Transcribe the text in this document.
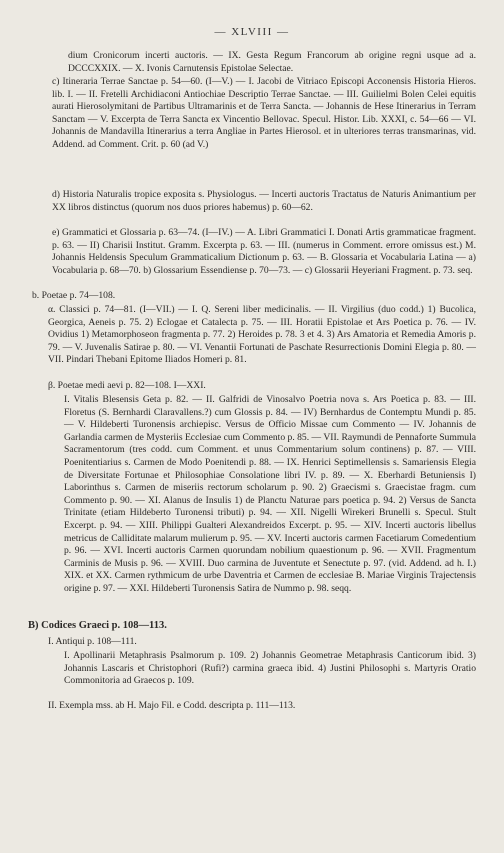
— XLVIII —
dium Cronicorum incerti auctoris. — IX. Gesta Regum Francorum ab origine regni usque ad a. DCCCXXIX. — X. Ivonis Carnutensis Epistolae Selectae.
c) Itineraria Terrae Sanctae p. 54—60. (I—V.) — I. Jacobi de Vitriaco Episcopi Acconensis Historia Hieros. lib. I. — II. Fretelli Archidiaconi Antiochiae Descriptio Terrae Sanctae. — III. Guilielmi Bolen Celei equitis aurati Hierosolymitani de Partibus Ultramarinis et de Terra Sancta. — Johannis de Hese Itinerarius in Terram Sanctam — V. Excerpta de Terra Sancta ex Vincentio Bellovac. Specul. Histor. Lib. XXXI, c. 54—66 — VI. Johannis de Mandavilla Itinerarius a terra Angliae in Partes Hierosol. et in ulteriores terras transmarinas, vid. Addend. ad Comment. Crit. p. 60 (ad V.)
d) Historia Naturalis tropice exposita s. Physiologus. — Incerti auctoris Tractatus de Naturis Animantium per XX libros distinctus (quorum nos duos priores habemus) p. 60—62.
e) Grammatici et Glossaria p. 63—74. (I—IV.) — A. Libri Grammatici I. Donati Artis grammaticae fragment. p. 63. — II) Charisii Institut. Gramm. Excerpta p. 63. — III. (numerus in Comment. errore omissus est.) M. Johannis Heldensis Speculum Grammaticalium Dictionum p. 63. — B. Glossaria et Vocabularia Latina — a) Vocabularia p. 68—70. b) Glossarium Essendiense p. 70—73. — c) Glossarii Heyeriani Fragment. p. 73. seq.
b. Poetae p. 74—108.
α. Classici p. 74—81. (I—VII.) — I. Q. Sereni liber medicinalis. — II. Virgilius (duo codd.) 1) Bucolica, Georgica, Aeneis p. 75. 2) Eclogae et Catalecta p. 75. — III. Horatii Epistolae et Ars Poetica p. 76. — IV. Ovidius 1) Metamorphoseon fragmenta p. 77. 2) Heroides p. 78. 3 et 4. 3) Ars Amatoria et Remedia Amoris p. 79. — V. Juvenalis Satirae p. 80. — VI. Venantii Fortunati de Paschate Resurrectionis Domini Elegia p. 80. — VII. Pindari Thebani Epitome Iliados Homeri p. 81.
β. Poetae medi aevi p. 82—108. I—XXI.
I. Vitalis Blesensis Geta p. 82. — II. Galfridi de Vinosalvo Poetria nova s. Ars Poetica p. 83. — III. Floretus (S. Bernhardi Claravallens.?) cum Glossis p. 84. — IV) Bernhardus de Contemptu Mundi p. 85. — V. Hildeberti Turonensis archiepisc. Versus de Officio Missae cum Commento — IV. Johannis de Garlandia carmen de Mysteriis Ecclesiae cum Commento p. 85. — VII. Raymundi de Pennaforte Summula Sacramentorum (tres codd. cum Comment. et unus Commentarium solum continens) p. 87. — VIII. Poenitentiarius s. Carmen de Modo Poenitendi p. 88. — IX. Henrici Septimellensis s. Samariensis Elegia de Diversitate Fortunae et Philosophiae Consolatione libri IV. p. 89. — X. Eberhardi Betuniensis I) Laborinthus s. Carmen de miseriis rectorum scholarum p. 90. 2) Graecismi s. Graecistae fragm. cum Commento p. 90. — XI. Alanus de Insulis 1) de Planctu Naturae pars poetica p. 94. 2) Versus de Sancta Trinitate (etiam Hildeberto Turonensi tributi) p. 94. — XII. Nigelli Wirekeri Brunelli s. Specul. Stult Excerpt. p. 94. — XIII. Philippi Gualteri Alexandreidos Excerpt. p. 95. — XIV. Incerti auctoris libellus metricus de Calliditate malarum mulierum p. 95. — XV. Incerti auctoris carmen Facetiarum Comedentium p. 96. — XVI. Incerti auctoris Carmen quorundam nobilium quaestionum p. 96. — XVII. Fragmentum Carminis de Musis p. 96. — XVIII. Duo carmina de Juventute et Senectute p. 97. (vid. Addend. ad h. I.) XIX. et XX. Carmen rythmicum de urbe Daventria et Carmen de ecclesiae B. Mariae Virginis Trajectensis origine p. 97. — XXI. Hildeberti Turonensis Satira de Nummo p. 98. seqq.
B) Codices Graeci p. 108—113.
I. Antiqui p. 108—111.
I. Apollinarii Metaphrasis Psalmorum p. 109. 2) Johannis Geometrae Metaphrasis Canticorum ibid. 3) Johannis Lascaris et Christophori (Rufi?) carmina graeca ibid. 4) Justini Philosophi s. Martyris Oratio Commonitoria ad Graecos p. 109.
II. Exempla mss. ab H. Majo Fil. e Codd. descripta p. 111—113.
